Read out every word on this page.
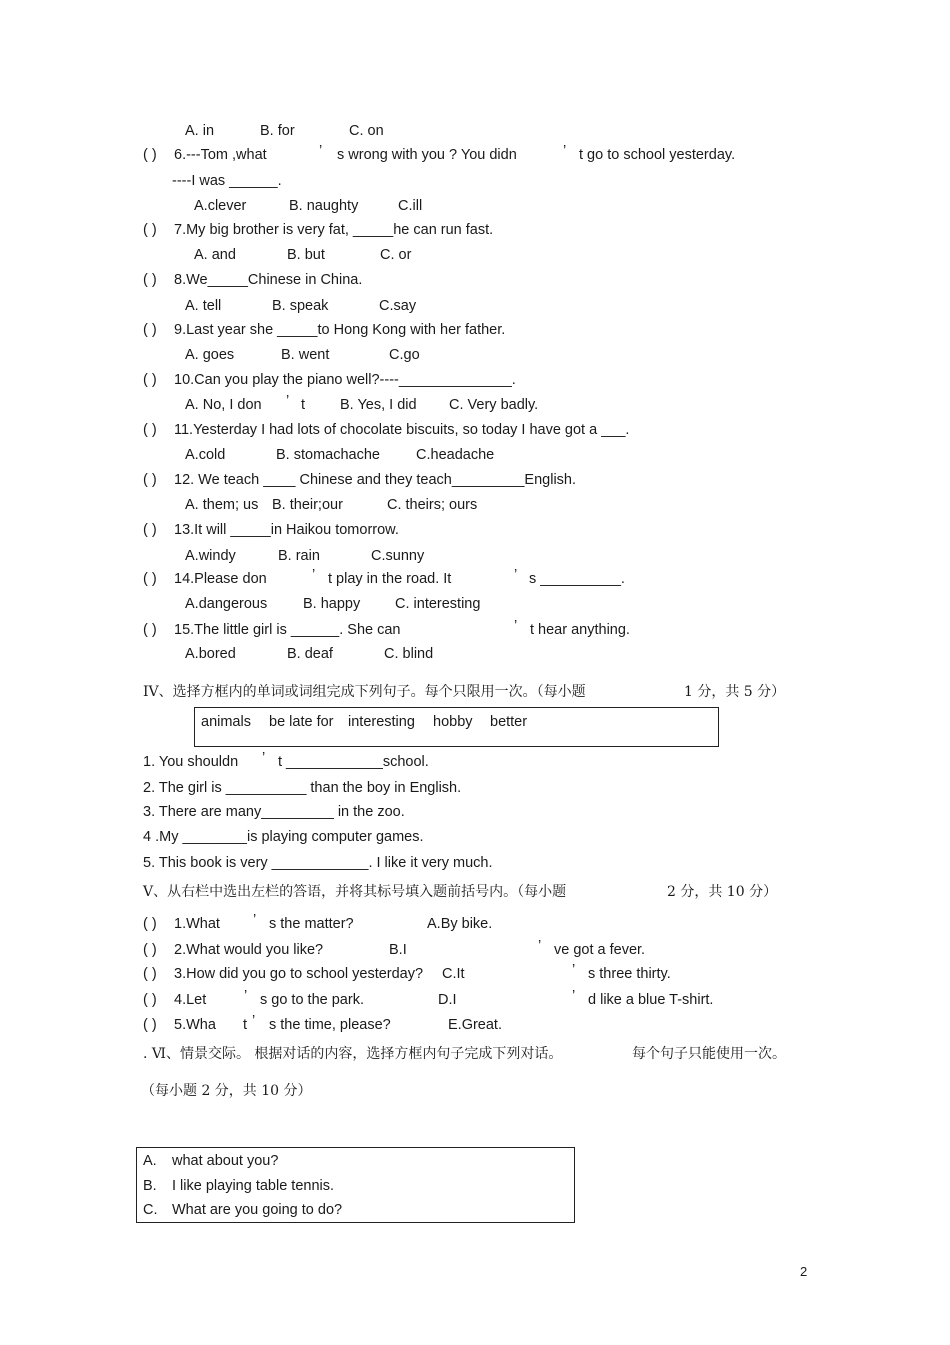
A. in	B. for	C. on
( ) 6.---Tom ,what	’ s wrong with you ? You didn	’ t go to school yesterday.
----I was ______.
A.clever	B. naughty	C.ill
( ) 7.My big brother is very fat, _____he can run fast.
A. and	B. but	C. or
( ) 8.We_____Chinese in China.
A. tell	B. speak	C.say
( ) 9.Last year she _____to Hong Kong with her father.
A. goes	B. went	C.go
( ) 10.Can you play the piano well?----______________.
A. No, I don ’ t B. Yes, I did C. Very badly.
( ) 11.Yesterday I had lots of chocolate biscuits, so today I have got a ___.
A.cold	B. stomachache C.headache
( ) 12. We teach ____ Chinese and they teach_________English.
A. them; us B. their;our	C. theirs; ours
( ) 13.It will _____in Haikou tomorrow.
A.windy	B. rain	C.sunny
( ) 14.Please don	’ t play in the road. It	’ s __________.
A.dangerous B. happy C. interesting
( ) 15.The little girl is ______. She can	’ t hear anything.
A.bored	B. deaf	C. blind
IV、选择方框内的单词或词组完成下列句子。每个只限用一次。（每小题	1 分，共 5 分）
animals be late for interesting hobby better
1. You shouldn ’ t ____________school.
2. The girl is __________ than the boy in English.
3. There are many_________ in the zoo.
4 .My ________is playing computer games.
5. This book is very ____________. I like it very much.
Ⅴ、从右栏中选出左栏的答语，并将其标号填入题前括号内。（每小题	2 分，共 10 分）
( ) 1.What ’ s the matter?	A.By bike.
( ) 2.What would you like?	B.I	’ ve got a fever.
( ) 3.How did you go to school yesterday? C.It	’ s three thirty.
( ) 4.Let	’ s go to the park.	D.I	’ d like a blue T-shirt.
( ) 5.Wha t ’ s the time, please?	E.Great.
. Ⅵ、情景交际。 根据对话的内容，选择方框内句子完成下列对话。	每个句子只能使用一次。
（每小题 2 分，共 10 分）
A. what about you?
B. I like playing table tennis.
C. What are you going to do?
2
